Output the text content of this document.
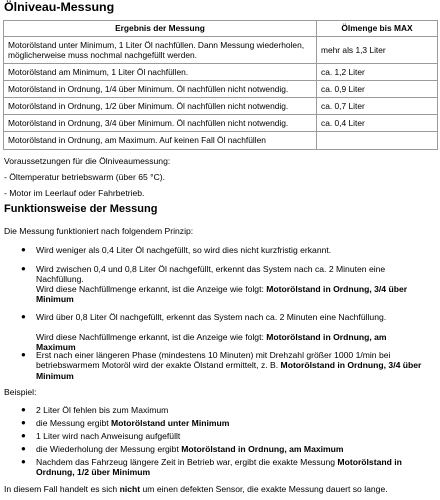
Ölniveau-Messung
Ergebnis der Messung	Ölmenge bis MAX
Motorölstand unter Minimum, 1 Liter Öl nachfüllen. Dann Messung wiederholen, möglicherweise muss nochmal nachgefüllt werden.	mehr als 1,3 Liter
Motorölstand am Minimum, 1 Liter Öl nachfüllen.	ca. 1,2 Liter
Motorölstand in Ordnung, 1/4 über Minimum. Öl nachfüllen nicht notwendig.	ca. 0,9 Liter
Motorölstand in Ordnung, 1/2 über Minimum. Öl nachfüllen nicht notwendig.	ca. 0,7 Liter
Motorölstand in Ordnung, 3/4 über Minimum. Öl nachfüllen nicht notwendig.	ca. 0,4 Liter
Motorölstand in Ordnung, am Maximum. Auf keinen Fall Öl nachfüllen	
Voraussetzungen für die Ölniveaumessung:
- Öltemperatur betriebswarm (über 65 °C).
- Motor im Leerlauf oder Fahrbetrieb.
Funktionsweise der Messung
Die Messung funktioniert nach folgendem Prinzip:
●	Wird weniger als 0,4 Liter Öl nachgefüllt, so wird dies nicht kurzfristig erkannt.
●	Wird zwischen 0,4 und 0,8 Liter Öl nachgefüllt, erkennt das System nach ca. 2 Minuten eine Nachfüllung.
Wird diese Nachfüllmenge erkannt, ist die Anzeige wie folgt: Motorölstand in Ordnung, 3/4 über Minimum
●	Wird über 0,8 Liter Öl nachgefüllt, erkennt das System nach ca. 2 Minuten eine Nachfüllung.
Wird diese Nachfüllmenge erkannt, ist die Anzeige wie folgt: Motorölstand in Ordnung, am Maximum
●	Erst nach einer längeren Phase (mindestens 10 Minuten) mit Drehzahl größer 1000 1/min bei betriebswarmem Motoröl wird der exakte Ölstand ermittelt, z. B. Motorölstand in Ordnung, 3/4 über Minimum
Beispiel:
●	2 Liter Öl fehlen bis zum Maximum
●	die Messung ergibt Motorölstand unter Minimum
●	1 Liter wird nach Anweisung aufgefüllt
●	die Wiederholung der Messung ergibt Motorölstand in Ordnung, am Maximum
●	Nachdem das Fahrzeug längere Zeit in Betrieb war, ergibt die exakte Messung Motorölstand in Ordnung, 1/2 über Minimum
In diesem Fall handelt es sich nicht um einen defekten Sensor, die exakte Messung dauert so lange.
